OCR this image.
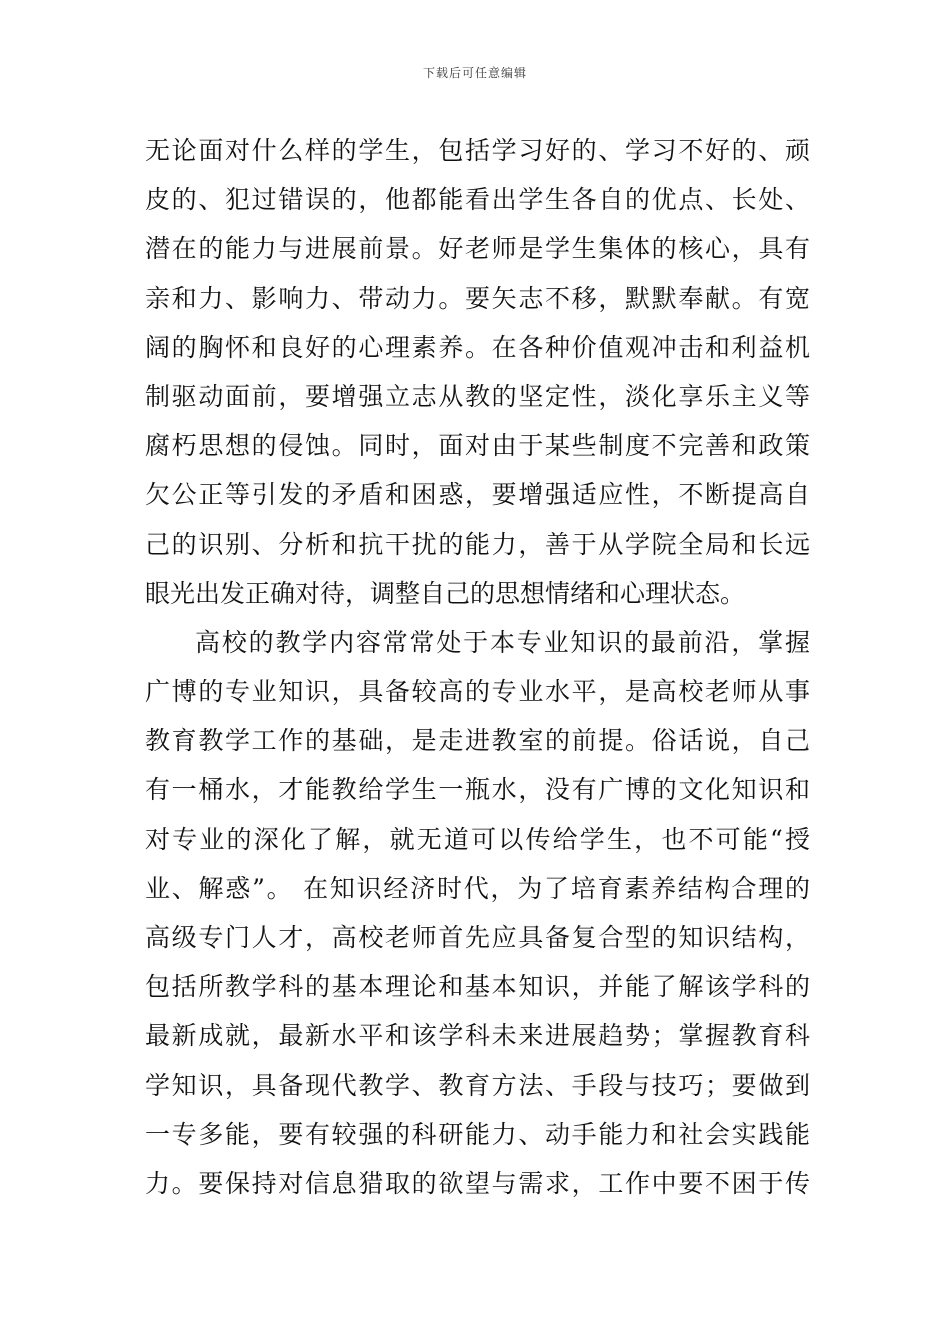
下载后可任意编辑
无论面对什么样的学生，包括学习好的、学习不好的、顽
皮的、犯过错误的，他都能看出学生各自的优点、长处、
潜在的能力与进展前景。好老师是学生集体的核心，具有
亲和力、影响力、带动力。要矢志不移，默默奉献。有宽
阔的胸怀和良好的心理素养。在各种价值观冲击和利益机
制驱动面前，要增强立志从教的坚定性，淡化享乐主义等
腐朽思想的侵蚀。同时，面对由于某些制度不完善和政策
欠公正等引发的矛盾和困惑，要增强适应性，不断提高自
己的识别、分析和抗干扰的能力，善于从学院全局和长远
眼光出发正确对待，调整自己的思想情绪和心理状态。
高校的教学内容常常处于本专业知识的最前沿，掌握
广博的专业知识，具备较高的专业水平，是高校老师从事
教育教学工作的基础，是走进教室的前提。俗话说，自己
有一桶水，才能教给学生一瓶水，没有广博的文化知识和
对专业的深化了解，就无道可以传给学生，也不可能“授
业、解惑”。 在知识经济时代，为了培育素养结构合理的
高级专门人才，高校老师首先应具备复合型的知识结构，
包括所教学科的基本理论和基本知识，并能了解该学科的
最新成就，最新水平和该学科未来进展趋势；掌握教育科
学知识，具备现代教学、教育方法、手段与技巧；要做到
一专多能，要有较强的科研能力、动手能力和社会实践能
力。要保持对信息猎取的欲望与需求，工作中要不困于传
